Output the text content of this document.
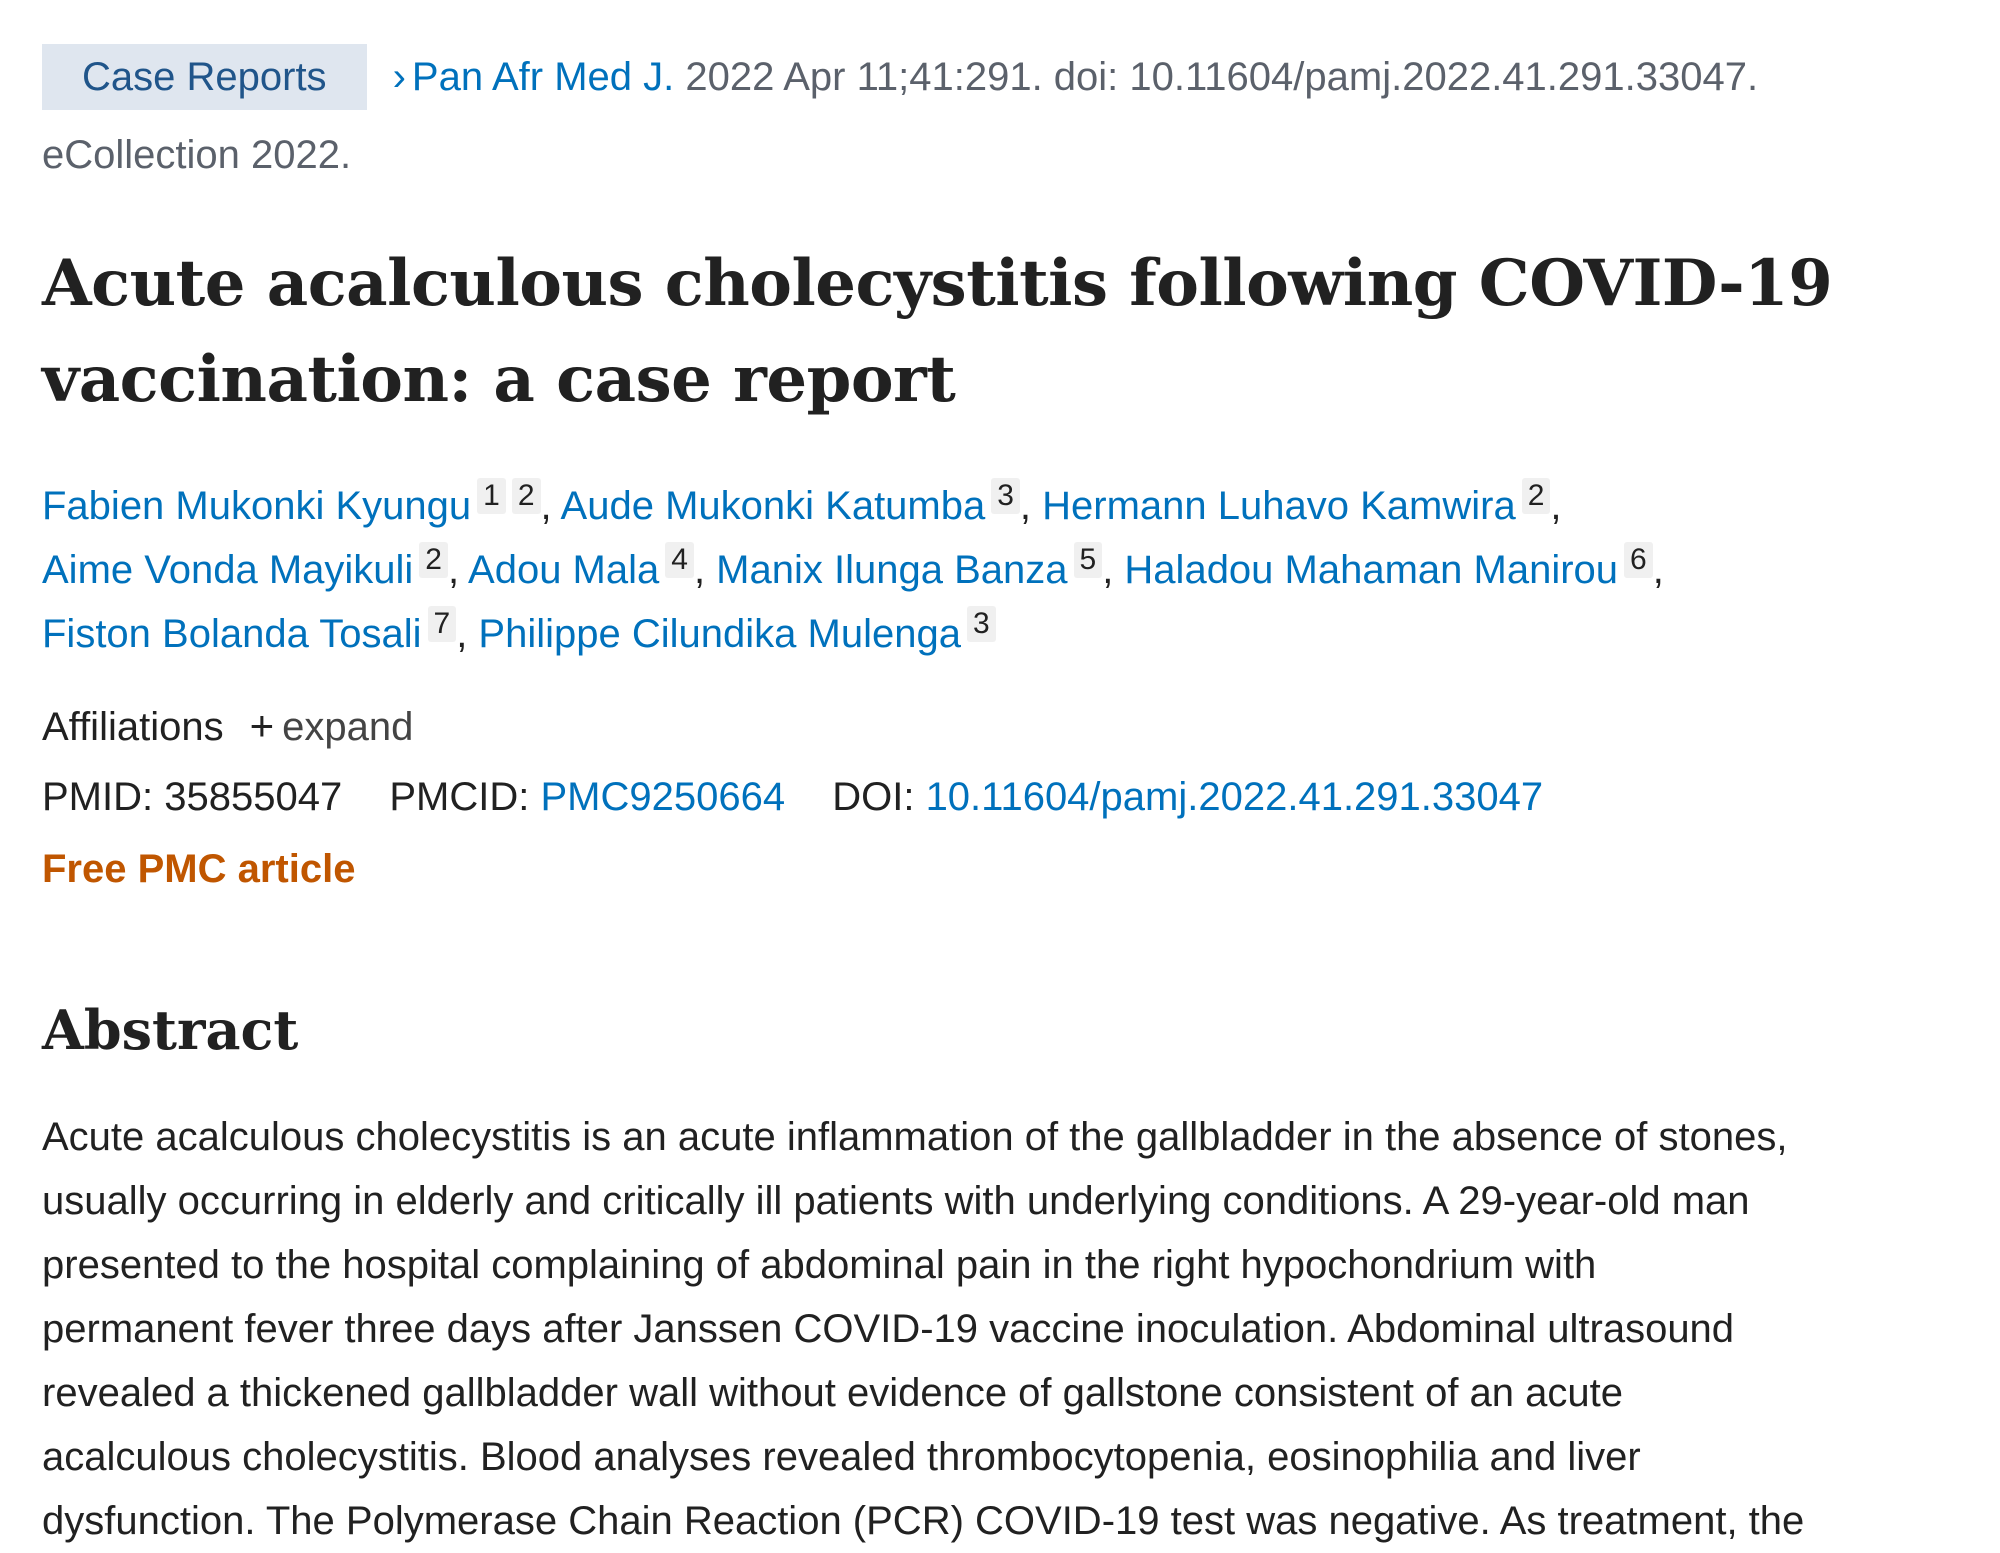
Case Reports › Pan Afr Med J. 2022 Apr 11;41:291. doi: 10.11604/pamj.2022.41.291.33047.
eCollection 2022.
Acute acalculous cholecystitis following COVID-19
vaccination: a case report
Fabien Mukonki Kyungu 1 2 , Aude Mukonki Katumba 3 , Hermann Luhavo Kamwira 2 ,
Aime Vonda Mayikuli 2 , Adou Mala 4 , Manix Ilunga Banza 5 , Haladou Mahaman Manirou 6 ,
Fiston Bolanda Tosali 7 , Philippe Cilundika Mulenga 3
Affiliations + expand
PMID: 35855047 PMCID: PMC9250664 DOI: 10.11604/pamj.2022.41.291.33047
Free PMC article
Abstract
Acute acalculous cholecystitis is an acute inflammation of the gallbladder in the absence of stones,
usually occurring in elderly and critically ill patients with underlying conditions. A 29-year-old man
presented to the hospital complaining of abdominal pain in the right hypochondrium with
permanent fever three days after Janssen COVID-19 vaccine inoculation. Abdominal ultrasound
revealed a thickened gallbladder wall without evidence of gallstone consistent of an acute
acalculous cholecystitis. Blood analyses revealed thrombocytopenia, eosinophilia and liver
dysfunction. The Polymerase Chain Reaction (PCR) COVID-19 test was negative. As treatment, the
